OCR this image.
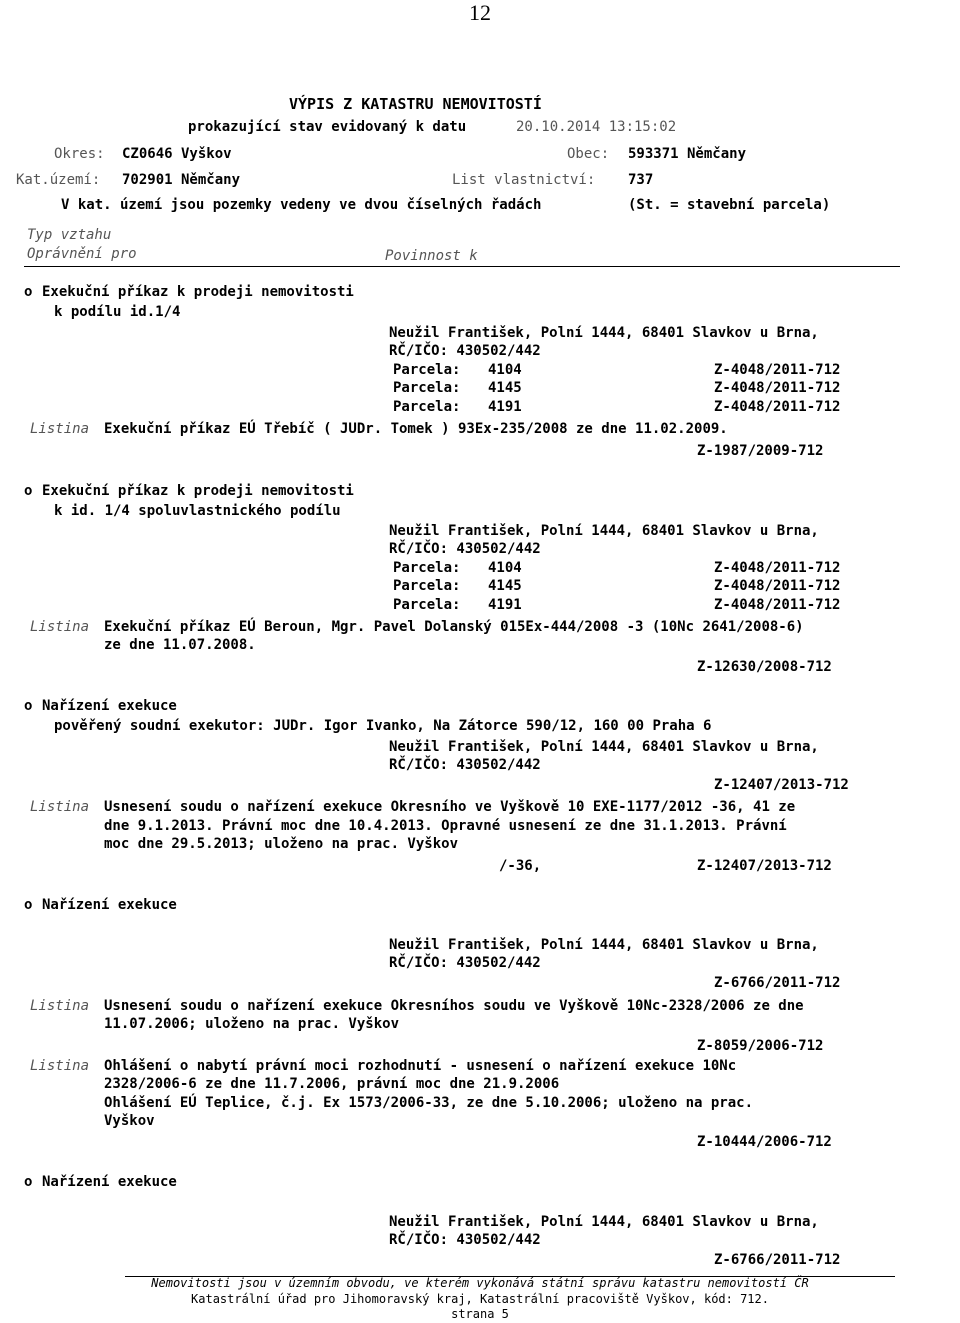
12
VÝPIS Z KATASTRU NEMOVITOSTÍ
prokazující stav evidovaný k datu	20.10.2014 13:15:02
Okres: CZ0646 Vyškov	Obec: 593371 Němčany
Kat.území: 702901 Němčany	List vlastnictví: 737
V kat. území jsou pozemky vedeny ve dvou číselných řadách	(St. = stavební parcela)
Typ vztahu
Oprávnění pro	Povinnost k
o Exekuční příkaz k prodeji nemovitosti
k podílu id.1/4
Neužil František, Polní 1444, 68401 Slavkov u Brna,
RČ/IČO: 430502/442
Parcela: 4104	Z-4048/2011-712
Parcela: 4145	Z-4048/2011-712
Parcela: 4191	Z-4048/2011-712
Listina Exekuční příkaz EÚ Třebíč ( JUDr. Tomek ) 93Ex-235/2008 ze dne 11.02.2009.
Z-1987/2009-712
o Exekuční příkaz k prodeji nemovitosti
k id. 1/4 spoluvlastnického podílu
Neužil František, Polní 1444, 68401 Slavkov u Brna,
RČ/IČO: 430502/442
Parcela: 4104	Z-4048/2011-712
Parcela: 4145	Z-4048/2011-712
Parcela: 4191	Z-4048/2011-712
Listina Exekuční příkaz EÚ Beroun, Mgr. Pavel Dolanský 015Ex-444/2008 -3 (10Nc 2641/2008-6)
ze dne 11.07.2008.
Z-12630/2008-712
o Nařízení exekuce
pověřený soudní exekutor: JUDr. Igor Ivanko, Na Zátorce 590/12, 160 00 Praha 6
Neužil František, Polní 1444, 68401 Slavkov u Brna,
RČ/IČO: 430502/442
Z-12407/2013-712
Listina Usnesení soudu o nařízení exekuce Okresního ve Vyškově 10 EXE-1177/2012 -36, 41 ze
dne 9.1.2013. Právní moc dne 10.4.2013. Opravné usnesení ze dne 31.1.2013. Právní
moc dne 29.5.2013; uloženo na prac. Vyškov
/-36,	Z-12407/2013-712
o Nařízení exekuce
Neužil František, Polní 1444, 68401 Slavkov u Brna,
RČ/IČO: 430502/442
Z-6766/2011-712
Listina Usnesení soudu o nařízení exekuce Okresníhos soudu ve Vyškově 10Nc-2328/2006 ze dne
11.07.2006; uloženo na prac. Vyškov
Z-8059/2006-712
Listina Ohlášení o nabytí právní moci rozhodnutí - usnesení o nařízení exekuce 10Nc
2328/2006-6 ze dne 11.7.2006, právní moc dne 21.9.2006
Ohlášení EÚ Teplice, č.j. Ex 1573/2006-33, ze dne 5.10.2006; uloženo na prac.
Vyškov
Z-10444/2006-712
o Nařízení exekuce
Neužil František, Polní 1444, 68401 Slavkov u Brna,
RČ/IČO: 430502/442
Z-6766/2011-712
Nemovitosti jsou v územním obvodu, ve kterém vykonává státní správu katastru nemovitostí ČR
Katastrální úřad pro Jihomoravský kraj, Katastrální pracoviště Vyškov, kód: 712.
strana 5
